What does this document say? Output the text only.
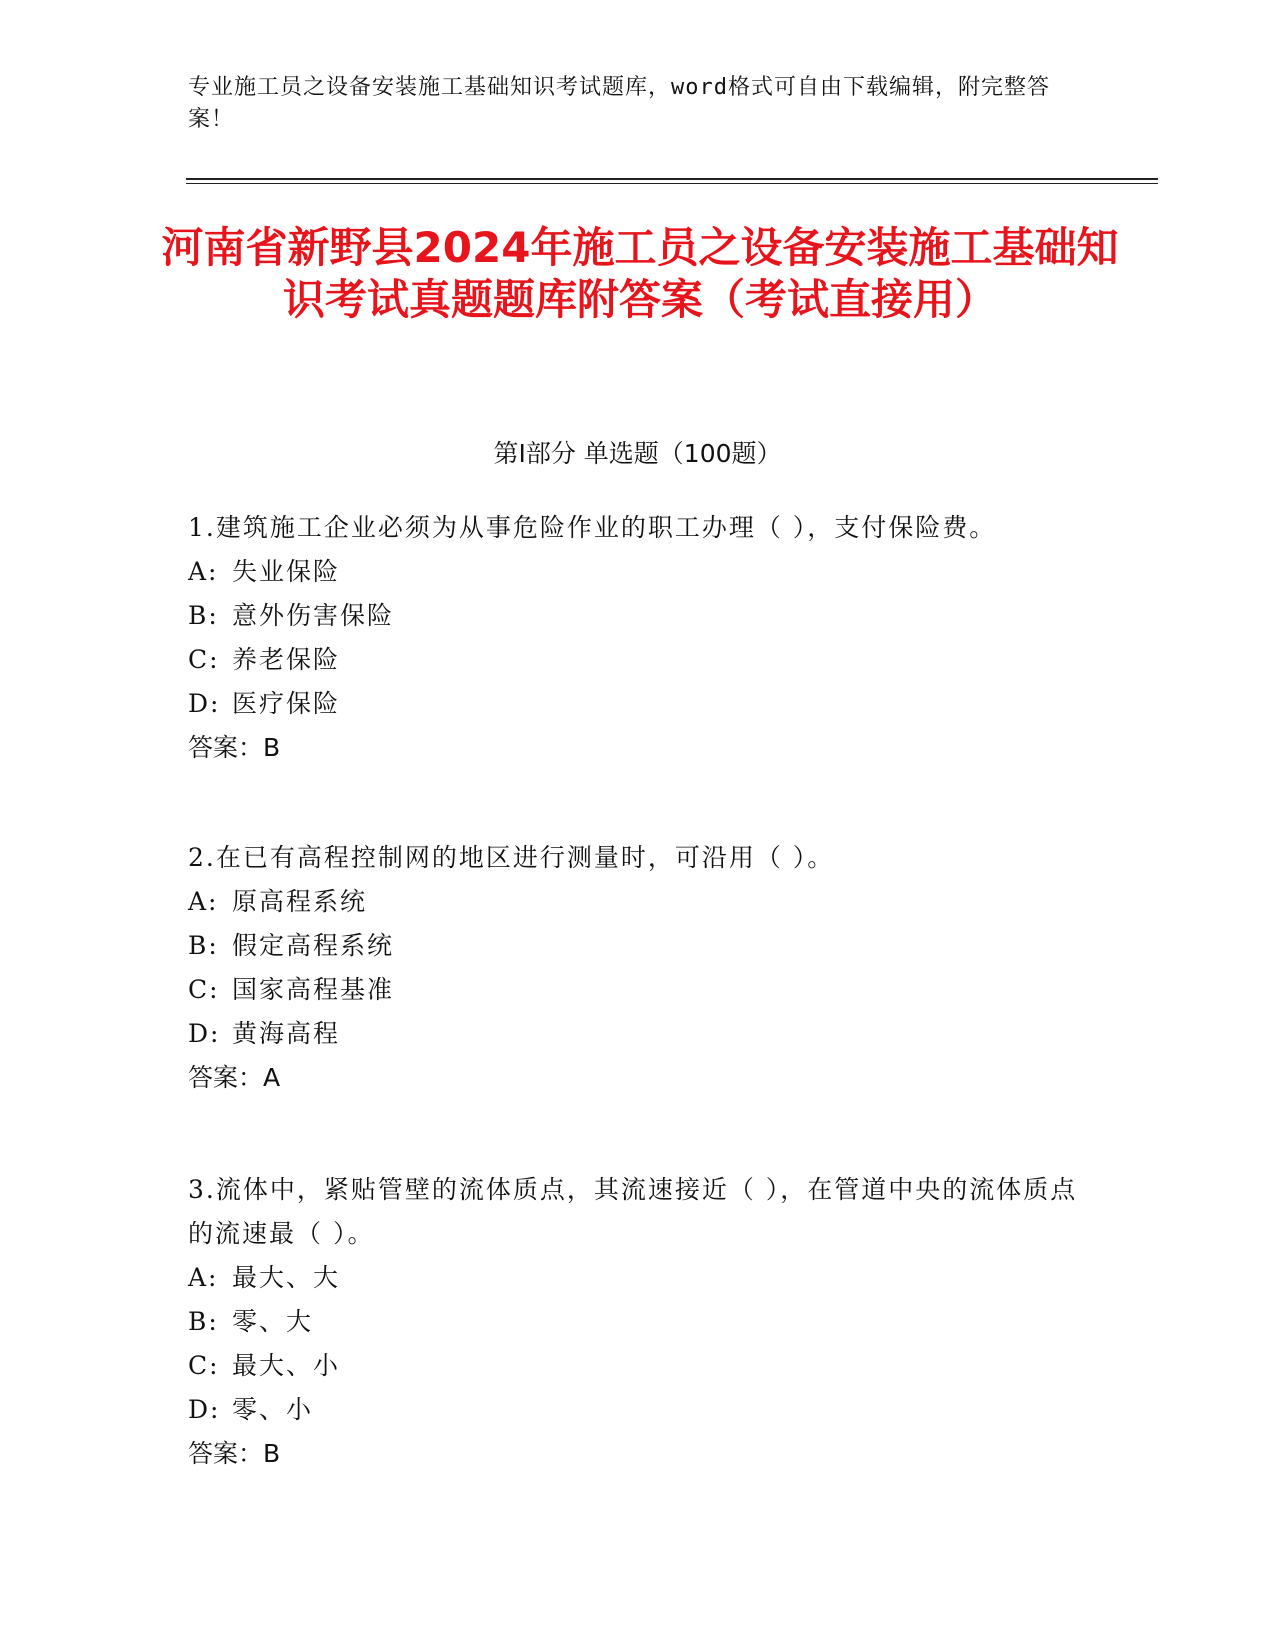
专业施工员之设备安装施工基础知识考试题库，word格式可自由下载编辑，附完整答案！
河南省新野县2024年施工员之设备安装施工基础知识考试真题题库附答案（考试直接用）
第I部分 单选题（100题）

1.建筑施工企业必须为从事危险作业的职工办理（ ），支付保险费。

A: 失业保险

B: 意外伤害保险

C: 养老保险

D: 医疗保险

答案：B

2.在已有高程控制网的地区进行测量时，可沿用（ ）。

A: 原高程系统

B: 假定高程系统

C: 国家高程基准

D: 黄海高程

答案：A

3.流体中，紧贴管壁的流体质点，其流速接近（ ），在管道中央的流体质点的流速最（ ）。

A: 最大、大

B: 零、大

C: 最大、小

D: 零、小

答案：B
